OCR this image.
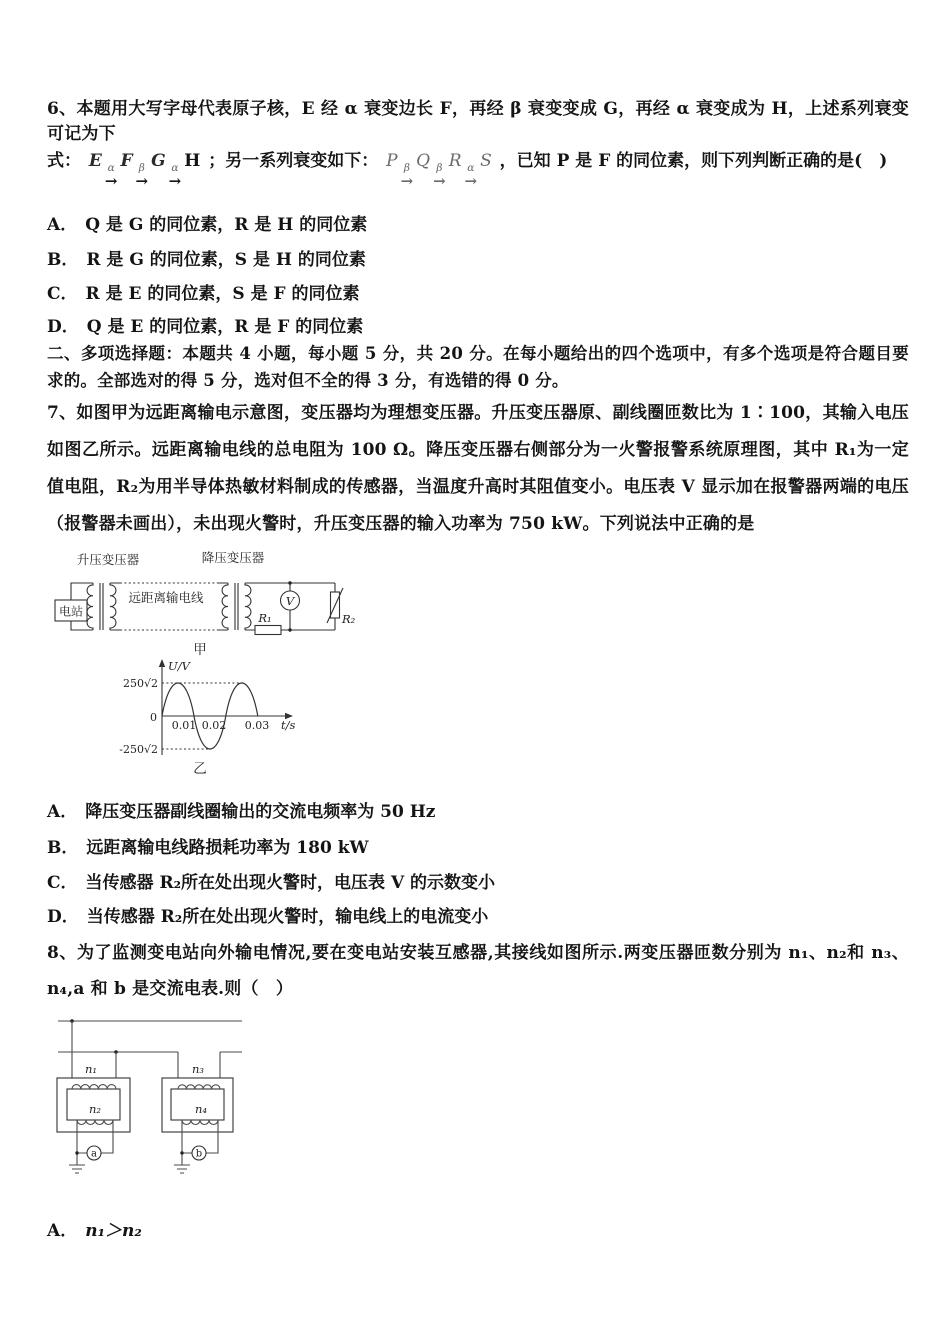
6、本题用大写字母代表原子核，E 经 α 衰变边长 F，再经 β 衰变变成 G，再经 α 衰变成为 H，上述系列衰变可记为下
式： E α
→
F β
→
G α
→
H ；另一系列衰变如下： P β
→
Q β
→
R α
→
S ，已知 P 是 F 的同位素，则下列判断正确的是(　)
A． Q 是 G 的同位素，R 是 H 的同位素
B． R 是 G 的同位素，S 是 H 的同位素
C． R 是 E 的同位素，S 是 F 的同位素
D． Q 是 E 的同位素，R 是 F 的同位素
二、多项选择题：本题共 4 小题，每小题 5 分，共 20 分。在每小题给出的四个选项中，有多个选项是符合题目要求的。全部选对的得 5 分，选对但不全的得 3 分，有选错的得 0 分。
7、如图甲为远距离输电示意图，变压器均为理想变压器。升压变压器原、副线圈匝数比为 1∶100，其输入电压如图乙所示。远距离输电线的总电阻为 100 Ω。降压变压器右侧部分为一火警报警系统原理图，其中 R₁为一定值电阻，R₂为用半导体热敏材料制成的传感器，当温度升高时其阻值变小。电压表 V 显示加在报警器两端的电压（报警器未画出），未出现火警时，升压变压器的输入功率为 750 kW。下列说法中正确的是
升压变压器	降压变压器
电站
远距离输电线
R₁	R₂
V
甲
U/V
t/s
250√2
0
-250√2
0.01 0.02 0.03
乙
A． 降压变压器副线圈输出的交流电频率为 50 Hz
B． 远距离输电线路损耗功率为 180 kW
C． 当传感器 R₂所在处出现火警时，电压表 V 的示数变小
D． 当传感器 R₂所在处出现火警时，输电线上的电流变小
8、为了监测变电站向外输电情况,要在变电站安装互感器,其接线如图所示.两变压器匝数分别为 n₁、n₂和 n₃、n₄,a 和 b 是交流电表.则（　）
n₁
n₂
a
n₃
n₄
b
A． n₁＞n₂
